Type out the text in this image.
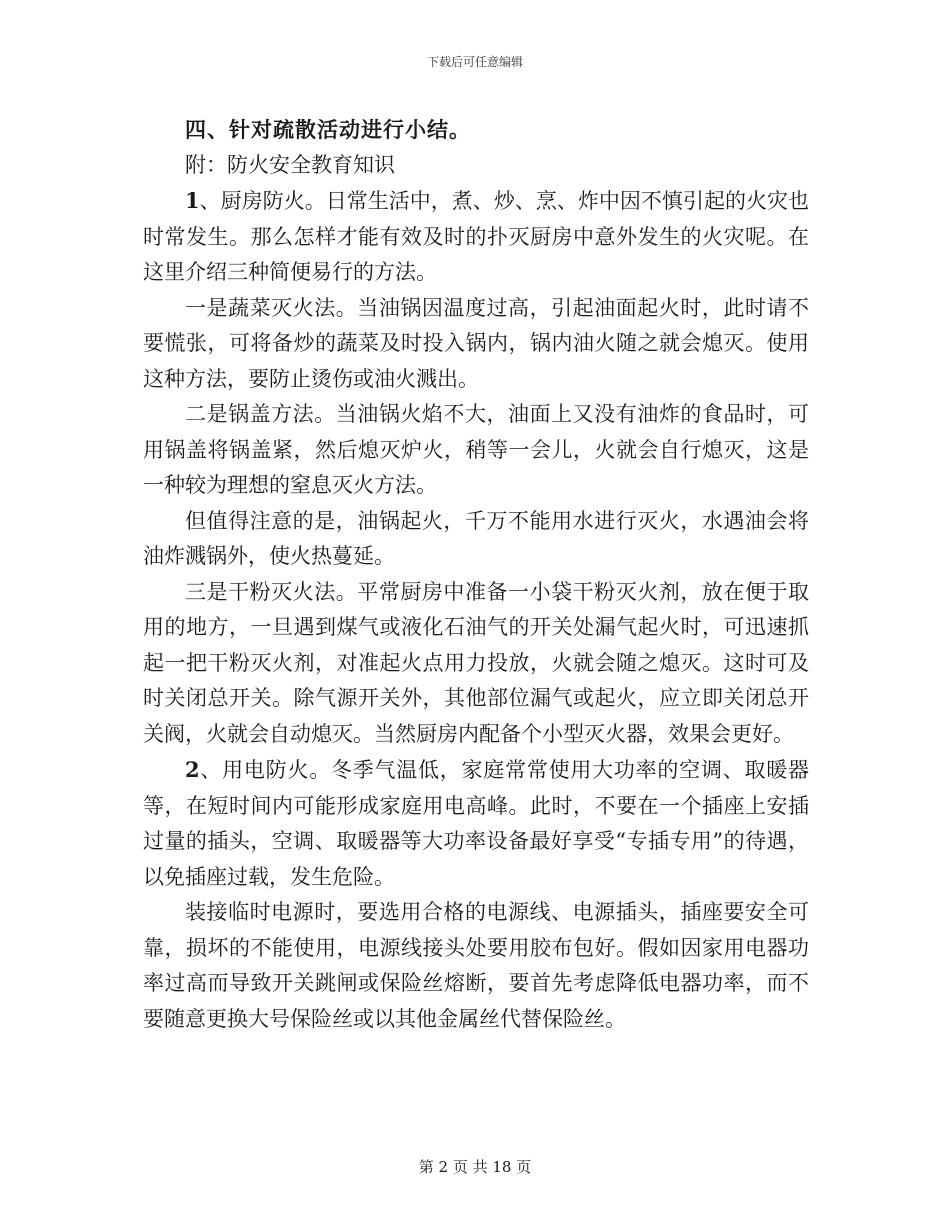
下载后可任意编辑

四、针对疏散活动进行小结。

附：防火安全教育知识

1、厨房防火。日常生活中，煮、炒、烹、炸中因不慎引起的火灾也时常发生。那么怎样才能有效及时的扑灭厨房中意外发生的火灾呢。在这里介绍三种简便易行的方法。

一是蔬菜灭火法。当油锅因温度过高，引起油面起火时，此时请不要慌张，可将备炒的蔬菜及时投入锅内，锅内油火随之就会熄灭。使用这种方法，要防止烫伤或油火溅出。

二是锅盖方法。当油锅火焰不大，油面上又没有油炸的食品时，可用锅盖将锅盖紧，然后熄灭炉火，稍等一会儿，火就会自行熄灭，这是一种较为理想的窒息灭火方法。

但值得注意的是，油锅起火，千万不能用水进行灭火，水遇油会将油炸溅锅外，使火热蔓延。

三是干粉灭火法。平常厨房中准备一小袋干粉灭火剂，放在便于取用的地方，一旦遇到煤气或液化石油气的开关处漏气起火时，可迅速抓起一把干粉灭火剂，对准起火点用力投放，火就会随之熄灭。这时可及时关闭总开关。除气源开关外，其他部位漏气或起火，应立即关闭总开关阀，火就会自动熄灭。当然厨房内配备个小型灭火器，效果会更好。

2、用电防火。冬季气温低，家庭常常使用大功率的空调、取暖器等，在短时间内可能形成家庭用电高峰。此时，不要在一个插座上安插过量的插头，空调、取暖器等大功率设备最好享受“专插专用”的待遇，以免插座过载，发生危险。

装接临时电源时，要选用合格的电源线、电源插头，插座要安全可靠，损坏的不能使用，电源线接头处要用胶布包好。假如因家用电器功率过高而导致开关跳闸或保险丝熔断，要首先考虑降低电器功率，而不要随意更换大号保险丝或以其他金属丝代替保险丝。

第 2 页 共 18 页
